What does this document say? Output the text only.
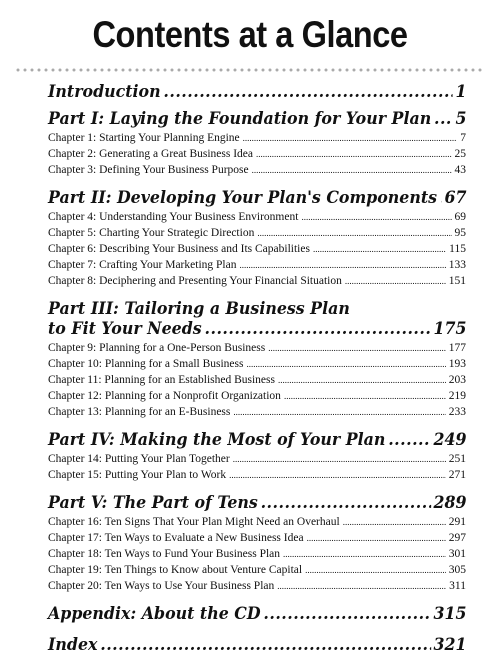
Contents at a Glance
Introduction .....	1
Part I: Laying the Foundation for Your Plan ..... 5
Chapter 1: Starting Your Planning Engine .....	7
Chapter 2: Generating a Great Business Idea .....	25
Chapter 3: Defining Your Business Purpose .....	43
Part II: Developing Your Plan's Components ..... 67
Chapter 4: Understanding Your Business Environment .....	69
Chapter 5: Charting Your Strategic Direction .....	95
Chapter 6: Describing Your Business and Its Capabilities .....	115
Chapter 7: Crafting Your Marketing Plan .....	133
Chapter 8: Deciphering and Presenting Your Financial Situation .....	151
Part III: Tailoring a Business Plan
to Fit Your Needs .....	175
Chapter 9: Planning for a One-Person Business .....	177
Chapter 10: Planning for a Small Business .....	193
Chapter 11: Planning for an Established Business .....	203
Chapter 12: Planning for a Nonprofit Organization .....	219
Chapter 13: Planning for an E-Business .....	233
Part IV: Making the Most of Your Plan .....	249
Chapter 14: Putting Your Plan Together .....	251
Chapter 15: Putting Your Plan to Work .....	271
Part V: The Part of Tens .....	289
Chapter 16: Ten Signs That Your Plan Might Need an Overhaul .....	291
Chapter 17: Ten Ways to Evaluate a New Business Idea .....	297
Chapter 18: Ten Ways to Fund Your Business Plan .....	301
Chapter 19: Ten Things to Know about Venture Capital .....	305
Chapter 20: Ten Ways to Use Your Business Plan .....	311
Appendix: About the CD .....	315
Index .....	321
